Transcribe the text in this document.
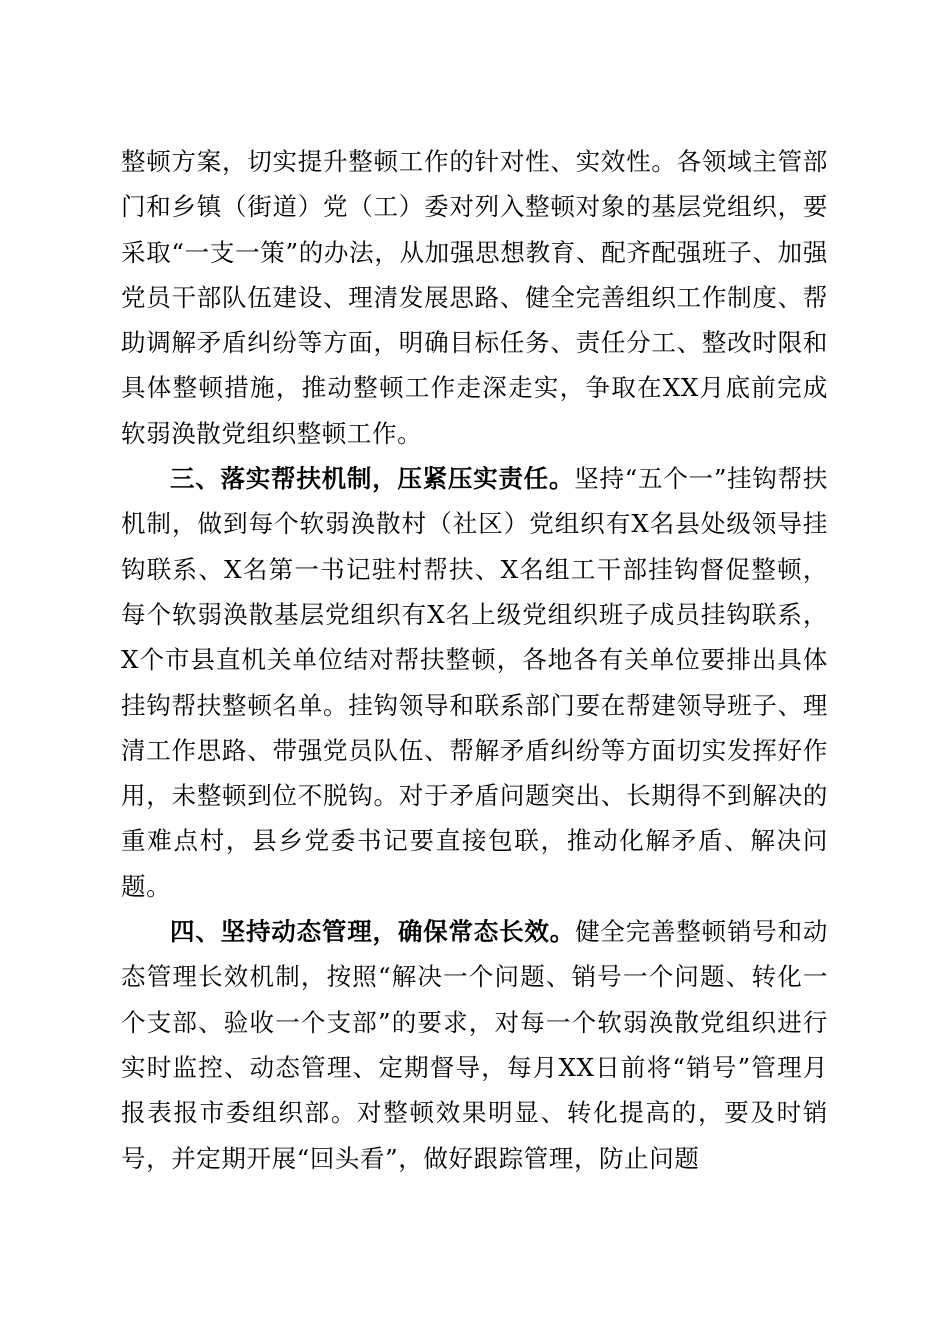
整顿方案，切实提升整顿工作的针对性、实效性。各领域主管部门和乡镇（街道）党（工）委对列入整顿对象的基层党组织，要采取“一支一策”的办法，从加强思想教育、配齐配强班子、加强党员干部队伍建设、理清发展思路、健全完善组织工作制度、帮助调解矛盾纠纷等方面，明确目标任务、责任分工、整改时限和具体整顿措施，推动整顿工作走深走实，争取在XX月底前完成软弱涣散党组织整顿工作。

三、落实帮扶机制，压紧压实责任。坚持“五个一”挂钩帮扶机制，做到每个软弱涣散村（社区）党组织有X名县处级领导挂钩联系、X名第一书记驻村帮扶、X名组工干部挂钩督促整顿，每个软弱涣散基层党组织有X名上级党组织班子成员挂钩联系，X个市县直机关单位结对帮扶整顿，各地各有关单位要排出具体挂钩帮扶整顿名单。挂钩领导和联系部门要在帮建领导班子、理清工作思路、带强党员队伍、帮解矛盾纠纷等方面切实发挥好作用，未整顿到位不脱钩。对于矛盾问题突出、长期得不到解决的重难点村，县乡党委书记要直接包联，推动化解矛盾、解决问题。

四、坚持动态管理，确保常态长效。健全完善整顿销号和动态管理长效机制，按照“解决一个问题、销号一个问题、转化一个支部、验收一个支部”的要求，对每一个软弱涣散党组织进行实时监控、动态管理、定期督导，每月XX日前将“销号”管理月报表报市委组织部。对整顿效果明显、转化提高的，要及时销号，并定期开展“回头看”，做好跟踪管理，防止问题
